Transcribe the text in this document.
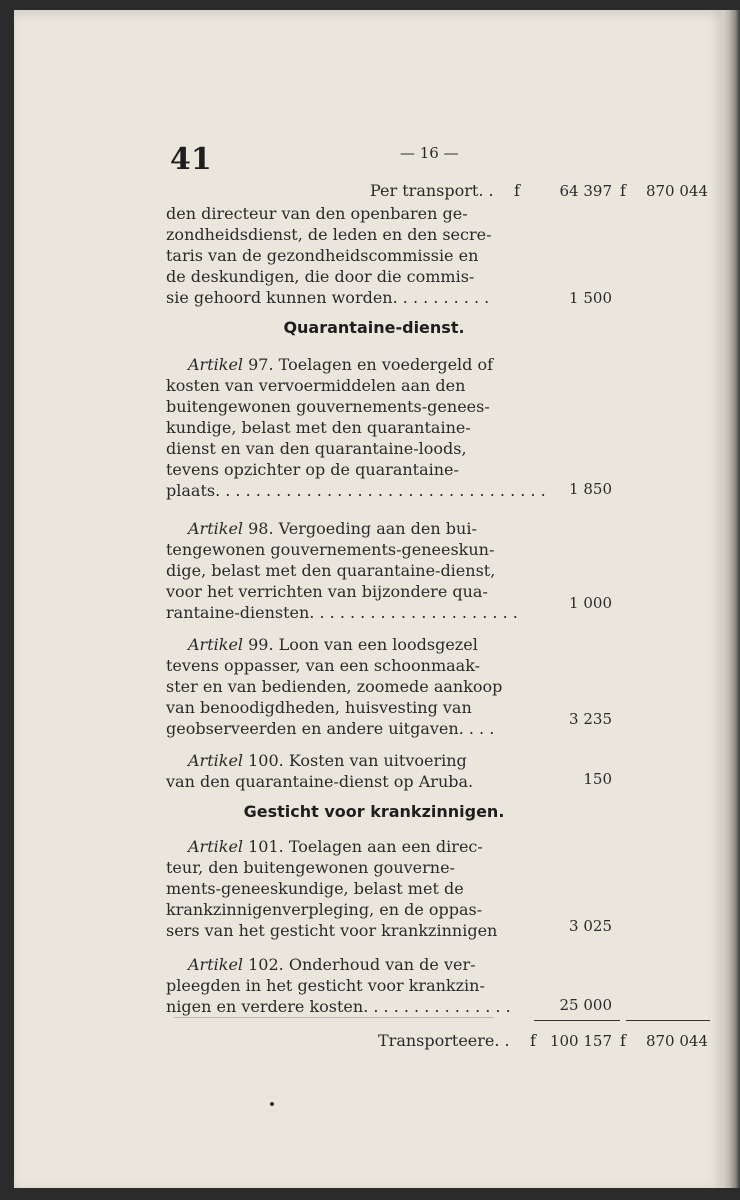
41	— 16 —
Per transport. . f	64 397 f	870 044
den directeur van den openbaren ge-
zondheidsdienst, de leden en den secre-
taris van de gezondheidscommissie en
de deskundigen, die door die commis-
sie gehoord kunnen worden. . . . . . . . . .	1 500
Quarantaine-dienst.
Artikel 97. Toelagen en voedergeld of
kosten van vervoermiddelen aan den
buitengewonen gouvernements-genees-
kundige, belast met den quarantaine-
dienst en van den quarantaine-loods,
tevens opzichter op de quarantaine-
plaats. . . . . . . . . . . . . . . . . . . . . . . . . . . . . . . . .	1 850
Artikel 98. Vergoeding aan den bui-
tengewonen gouvernements-geneeskun-
dige, belast met den quarantaine-dienst,
voor het verrichten van bijzondere qua-
rantaine-diensten. . . . . . . . . . . . . . . . . . . . .	1 000
Artikel 99. Loon van een loodsgezel
tevens oppasser, van een schoonmaak-
ster en van bedienden, zoomede aankoop
van benoodigdheden, huisvesting van
geobserveerden en andere uitgaven. . . .	3 235
Artikel 100. Kosten van uitvoering
van den quarantaine-dienst op Aruba.	150
Gesticht voor krankzinnigen.
Artikel 101. Toelagen aan een direc-
teur, den buitengewonen gouverne-
ments-geneeskundige, belast met de
krankzinnigenverpleging, en de oppas-
sers van het gesticht voor krankzinnigen	3 025
Artikel 102. Onderhoud van de ver-
pleegden in het gesticht voor krankzin-
nigen en verdere kosten. . . . . . . . . . . . . . .	25 000
Transporteere. . f 100 157 f	870 044
